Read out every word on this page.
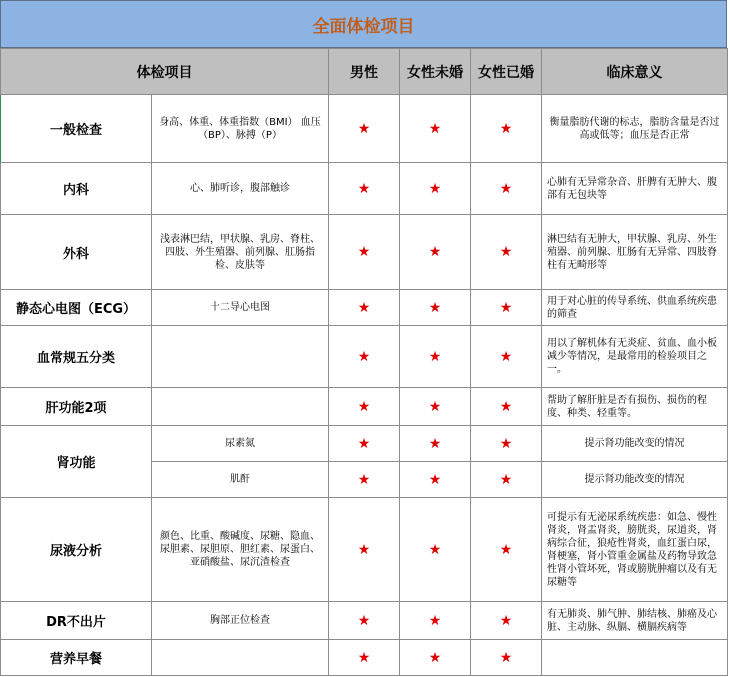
全面体检项目
体检项目		男性	女性未婚	女性已婚	临床意义
一般检查	身高、体重、体重指数（BMI） 血压（BP）、脉搏（P）	★	★	★	衡量脂肪代谢的标志，脂肪含量是否过高或低等；血压是否正常
内科	心、肺听诊，腹部触诊	★	★	★	心肺有无异常杂音、肝脾有无肿大、腹部有无包块等
外科	浅表淋巴结，甲状腺、乳房、脊柱、四肢、外生殖器、前列腺、肛肠指检、皮肤等	★	★	★	淋巴结有无肿大，甲状腺、乳房、外生殖器、前列腺、肛肠有无异常、四肢脊柱有无畸形等
静态心电图（ECG）	十二导心电图	★	★	★	用于对心脏的传导系统、供血系统疾患的筛查
血常规五分类		★	★	★	用以了解机体有无炎症、贫血、血小板减少等情况，是最常用的检验项目之一。
肝功能2项		★	★	★	帮助了解肝脏是否有损伤、损伤的程度、种类、轻重等。
肾功能	尿素氮	★	★	★	提示肾功能改变的情况
	肌酐	★	★	★	提示肾功能改变的情况
尿液分析	颜色、比重、酸碱度、尿糖、隐血、尿胆素、尿胆原、胆红素、尿蛋白、亚硝酸盐、尿沉渣检查	★	★	★	可提示有无泌尿系统疾患：如急、慢性肾炎，肾盂肾炎，膀胱炎，尿道炎，肾病综合征，狼疮性肾炎，血红蛋白尿，肾梗塞，肾小管重金属盐及药物导致急性肾小管坏死，肾或膀胱肿瘤以及有无尿糖等
DR不出片	胸部正位检查	★	★	★	有无肺炎、肺气肿、肺结核、肺癌及心脏、主动脉、纵膈、横膈疾病等
营养早餐		★	★	★	
